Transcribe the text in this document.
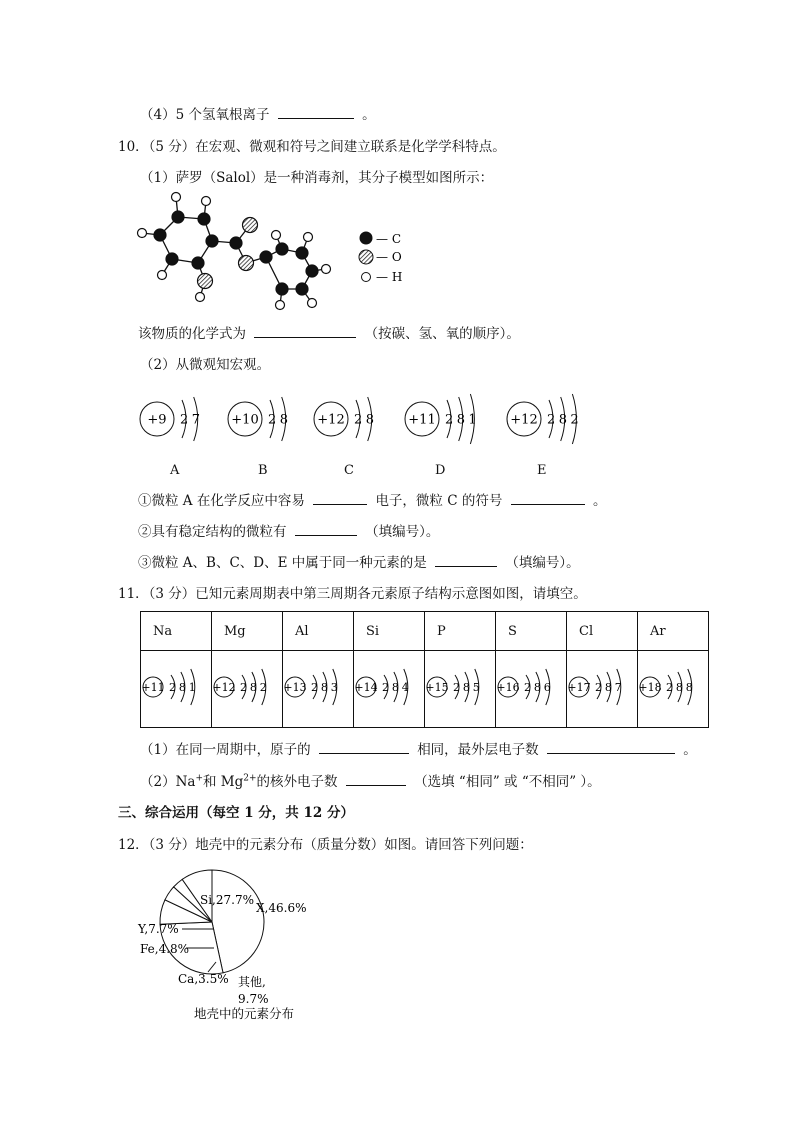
（4）5 个氢氧根离子	。
10．（5 分）在宏观、微观和符号之间建立联系是化学学科特点。
（1）萨罗（Salol）是一种消毒剂，其分子模型如图所示：
— C
— O
— H
该物质的化学式为	（按碳、氢、氧的顺序）。
（2）从微观知宏观。
+9 2 7
A
+10 2 8
B
+12 2 8
C
+11 2 8 1
D
+12 2 8 2
E
①微粒 A 在化学反应中容易	电子，微粒 C 的符号	。
②具有稳定结构的微粒有	（填编号）。
③微粒 A、B、C、D、E 中属于同一种元素的是	（填编号）。
11．（3 分）已知元素周期表中第三周期各元素原子结构示意图如图，请填空。
Na	Mg	Al	Si	P	S	Cl	Ar

+11 2 8 1	+12 2 8 2	+13 2 8 3	+14 2 8 4	+15 2 8 5	+16 2 8 6	+17 2 8 7	+18 2 8 8
（1）在同一周期中，原子的	相同，最外层电子数	。
（2）Na+和 $Mg^{2+}$的核外电子数	（选填 “相同” 或 “不相同” ）。
三、综合运用（每空 1 分，共 12 分）
12．（3 分）地壳中的元素分布（质量分数）如图。请回答下列问题：
X,46.6%
Si,27.7%
Y,7.7%
Fe,4.8%
Ca,3.5% 其他,
9.7%
地壳中的元素分布
